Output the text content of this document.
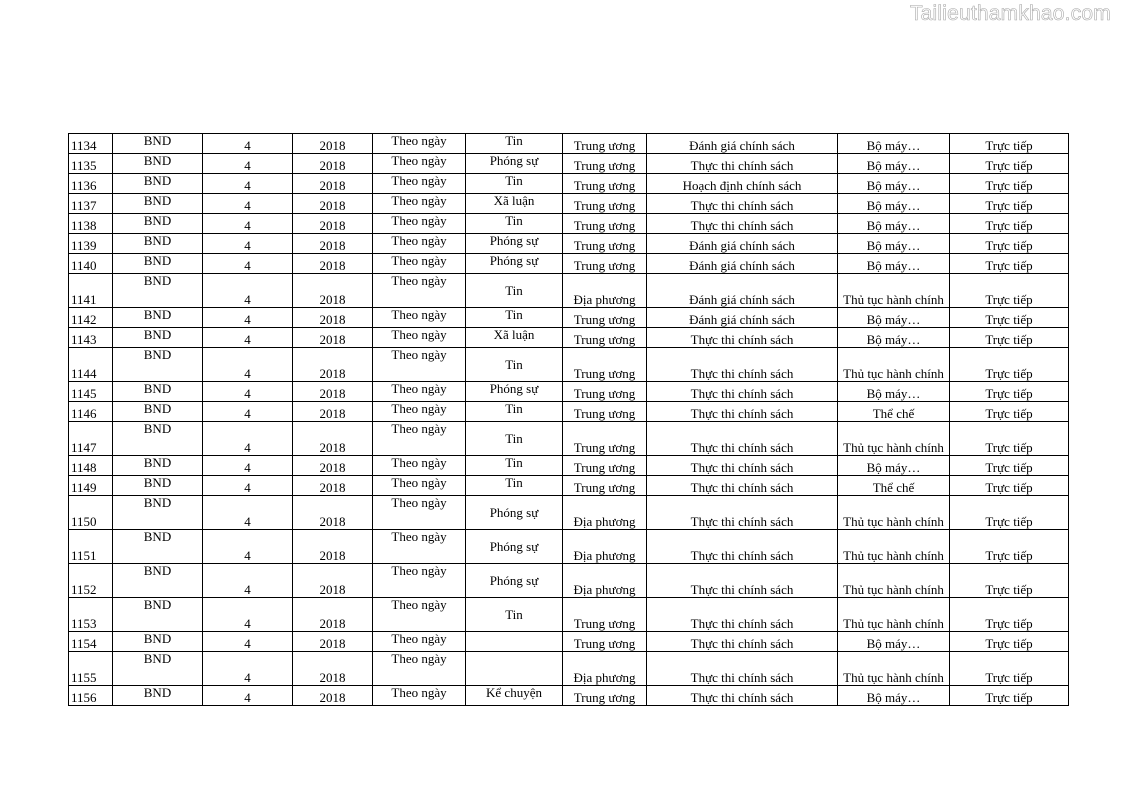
Tailieuthamkhao.com
1134	BND	4	2018	Theo ngày	Tin	Trung ương	Đánh giá chính sách	Bộ máy…	Trực tiếp
1135	BND	4	2018	Theo ngày	Phóng sự	Trung ương	Thực thi chính sách	Bộ máy…	Trực tiếp
1136	BND	4	2018	Theo ngày	Tin	Trung ương	Hoạch định chính sách	Bộ máy…	Trực tiếp
1137	BND	4	2018	Theo ngày	Xã luận	Trung ương	Thực thi chính sách	Bộ máy…	Trực tiếp
1138	BND	4	2018	Theo ngày	Tin	Trung ương	Thực thi chính sách	Bộ máy…	Trực tiếp
1139	BND	4	2018	Theo ngày	Phóng sự	Trung ương	Đánh giá chính sách	Bộ máy…	Trực tiếp
1140	BND	4	2018	Theo ngày	Phóng sự	Trung ương	Đánh giá chính sách	Bộ máy…	Trực tiếp
1141	BND	4	2018	Theo ngày	Tin	Địa phương	Đánh giá chính sách	Thủ tục hành chính	Trực tiếp
1142	BND	4	2018	Theo ngày	Tin	Trung ương	Đánh giá chính sách	Bộ máy…	Trực tiếp
1143	BND	4	2018	Theo ngày	Xã luận	Trung ương	Thực thi chính sách	Bộ máy…	Trực tiếp
1144	BND	4	2018	Theo ngày	Tin	Trung ương	Thực thi chính sách	Thủ tục hành chính	Trực tiếp
1145	BND	4	2018	Theo ngày	Phóng sự	Trung ương	Thực thi chính sách	Bộ máy…	Trực tiếp
1146	BND	4	2018	Theo ngày	Tin	Trung ương	Thực thi chính sách	Thể chế	Trực tiếp
1147	BND	4	2018	Theo ngày	Tin	Trung ương	Thực thi chính sách	Thủ tục hành chính	Trực tiếp
1148	BND	4	2018	Theo ngày	Tin	Trung ương	Thực thi chính sách	Bộ máy…	Trực tiếp
1149	BND	4	2018	Theo ngày	Tin	Trung ương	Thực thi chính sách	Thể chế	Trực tiếp
1150	BND	4	2018	Theo ngày	Phóng sự	Địa phương	Thực thi chính sách	Thủ tục hành chính	Trực tiếp
1151	BND	4	2018	Theo ngày	Phóng sự	Địa phương	Thực thi chính sách	Thủ tục hành chính	Trực tiếp
1152	BND	4	2018	Theo ngày	Phóng sự	Địa phương	Thực thi chính sách	Thủ tục hành chính	Trực tiếp
1153	BND	4	2018	Theo ngày	Tin	Trung ương	Thực thi chính sách	Thủ tục hành chính	Trực tiếp
1154	BND	4	2018	Theo ngày		Trung ương	Thực thi chính sách	Bộ máy…	Trực tiếp
1155	BND	4	2018	Theo ngày		Địa phương	Thực thi chính sách	Thủ tục hành chính	Trực tiếp
1156	BND	4	2018	Theo ngày	Kể chuyện	Trung ương	Thực thi chính sách	Bộ máy…	Trực tiếp
